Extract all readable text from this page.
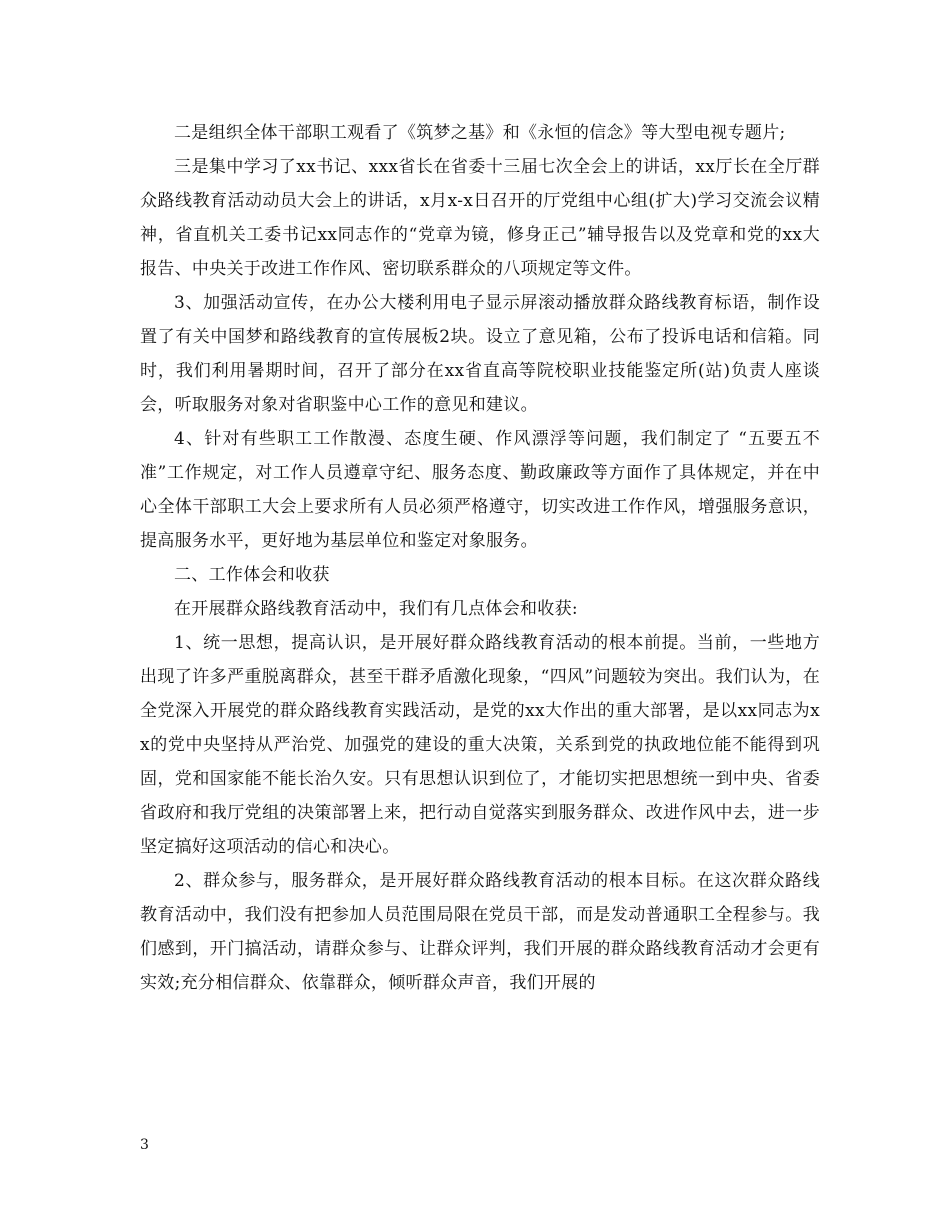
二是组织全体干部职工观看了《筑梦之基》和《永恒的信念》等大型电视专题片;

三是集中学习了xx书记、xxx省长在省委十三届七次全会上的讲话，xx厅长在全厅群众路线教育活动动员大会上的讲话，x月x-x日召开的厅党组中心组(扩大)学习交流会议精神，省直机关工委书记xx同志作的“党章为镜，修身正己”辅导报告以及党章和党的xx大报告、中央关于改进工作作风、密切联系群众的八项规定等文件。

3、加强活动宣传，在办公大楼利用电子显示屏滚动播放群众路线教育标语，制作设置了有关中国梦和路线教育的宣传展板2块。设立了意见箱，公布了投诉电话和信箱。同时，我们利用暑期时间，召开了部分在xx省直高等院校职业技能鉴定所(站)负责人座谈会，听取服务对象对省职鉴中心工作的意见和建议。

4、针对有些职工工作散漫、态度生硬、作风漂浮等问题，我们制定了 “五要五不准”工作规定，对工作人员遵章守纪、服务态度、勤政廉政等方面作了具体规定，并在中心全体干部职工大会上要求所有人员必须严格遵守，切实改进工作作风，增强服务意识，提高服务水平，更好地为基层单位和鉴定对象服务。

二、工作体会和收获

在开展群众路线教育活动中，我们有几点体会和收获:

1、统一思想，提高认识，是开展好群众路线教育活动的根本前提。当前，一些地方出现了许多严重脱离群众，甚至干群矛盾激化现象，“四风”问题较为突出。我们认为，在全党深入开展党的群众路线教育实践活动，是党的xx大作出的重大部署，是以xx同志为xx的党中央坚持从严治党、加强党的建设的重大决策，关系到党的执政地位能不能得到巩固，党和国家能不能长治久安。只有思想认识到位了，才能切实把思想统一到中央、省委省政府和我厅党组的决策部署上来，把行动自觉落实到服务群众、改进作风中去，进一步坚定搞好这项活动的信心和决心。

2、群众参与，服务群众，是开展好群众路线教育活动的根本目标。在这次群众路线教育活动中，我们没有把参加人员范围局限在党员干部，而是发动普通职工全程参与。我们感到，开门搞活动，请群众参与、让群众评判，我们开展的群众路线教育活动才会更有实效;充分相信群众、依靠群众，倾听群众声音，我们开展的

3
